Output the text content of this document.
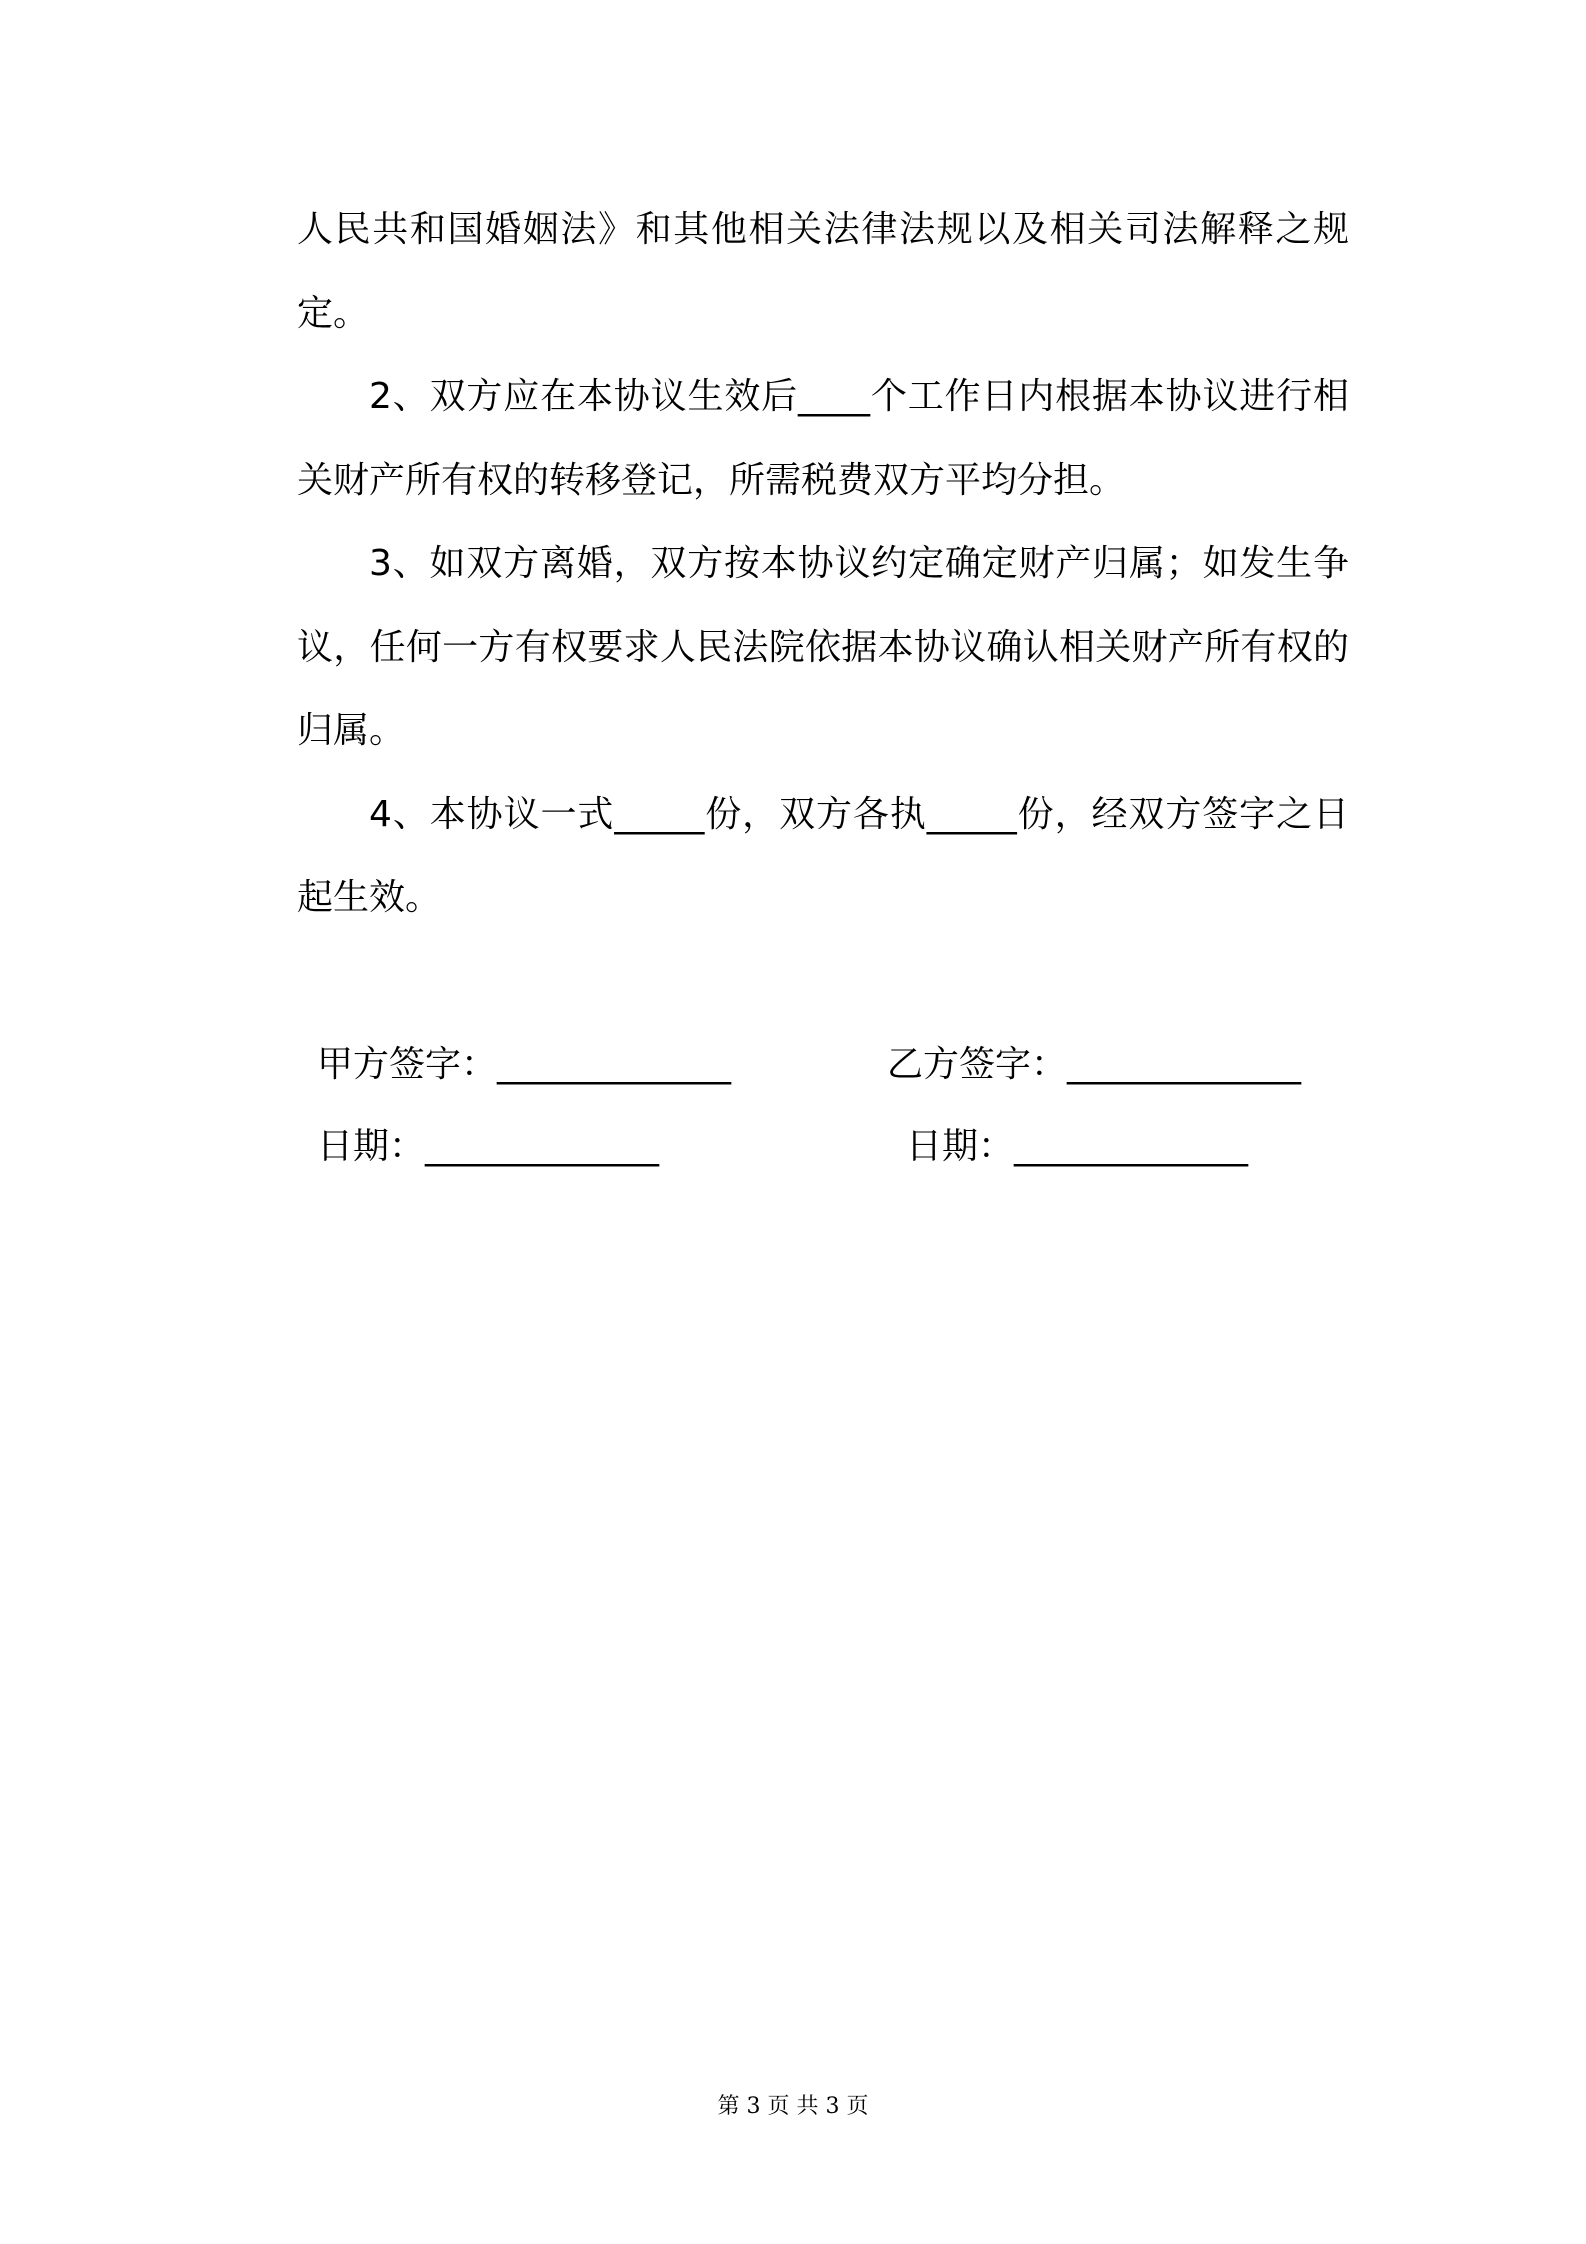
人民共和国婚姻法》和其他相关法律法规以及相关司法解释之规定。

2、双方应在本协议生效后____个工作日内根据本协议进行相关财产所有权的转移登记，所需税费双方平均分担。

3、如双方离婚，双方按本协议约定确定财产归属；如发生争议，任何一方有权要求人民法院依据本协议确认相关财产所有权的归属。

4、本协议一式_____份，双方各执_____份，经双方签字之日起生效。

甲方签字：_____________	乙方签字：_____________
日期：_____________	日期：_____________
第 3 页 共 3 页
